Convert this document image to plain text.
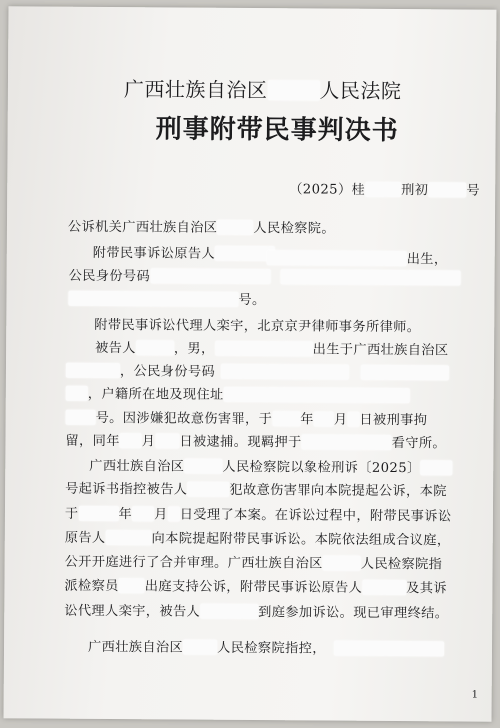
广西壮族自治区	人民法院
刑事附带民事判决书
（2025）桂	刑初	号
公诉机关广西壮族自治区	人民检察院。
附带民事诉讼原告人	出生，
公民身份号码
号。
附带民事诉讼代理人栾宇，北京京尹律师事务所律师。
被告人	，男，	出生于广西壮族自治区
，公民身份号码
，户籍所在地及现住址
号。因涉嫌犯故意伤害罪，于 年 月 日被刑事拘
留，同年 月 日被逮捕。现羁押于	看守所。
广西壮族自治区	人民检察院以象检刑诉〔2025〕
号起诉书指控被告人	犯故意伤害罪向本院提起公诉，本院
于	年 月 日受理了本案。在诉讼过程中，附带民事诉讼
原告人	向本院提起附带民事诉讼。本院依法组成合议庭，
公开开庭进行了合并审理。广西壮族自治区	人民检察院指
派检察员 出庭支持公诉，附带民事诉讼原告人	及其诉
讼代理人栾宇，被告人	到庭参加诉讼。现已审理终结。
广西壮族自治区	人民检察院指控，
1
